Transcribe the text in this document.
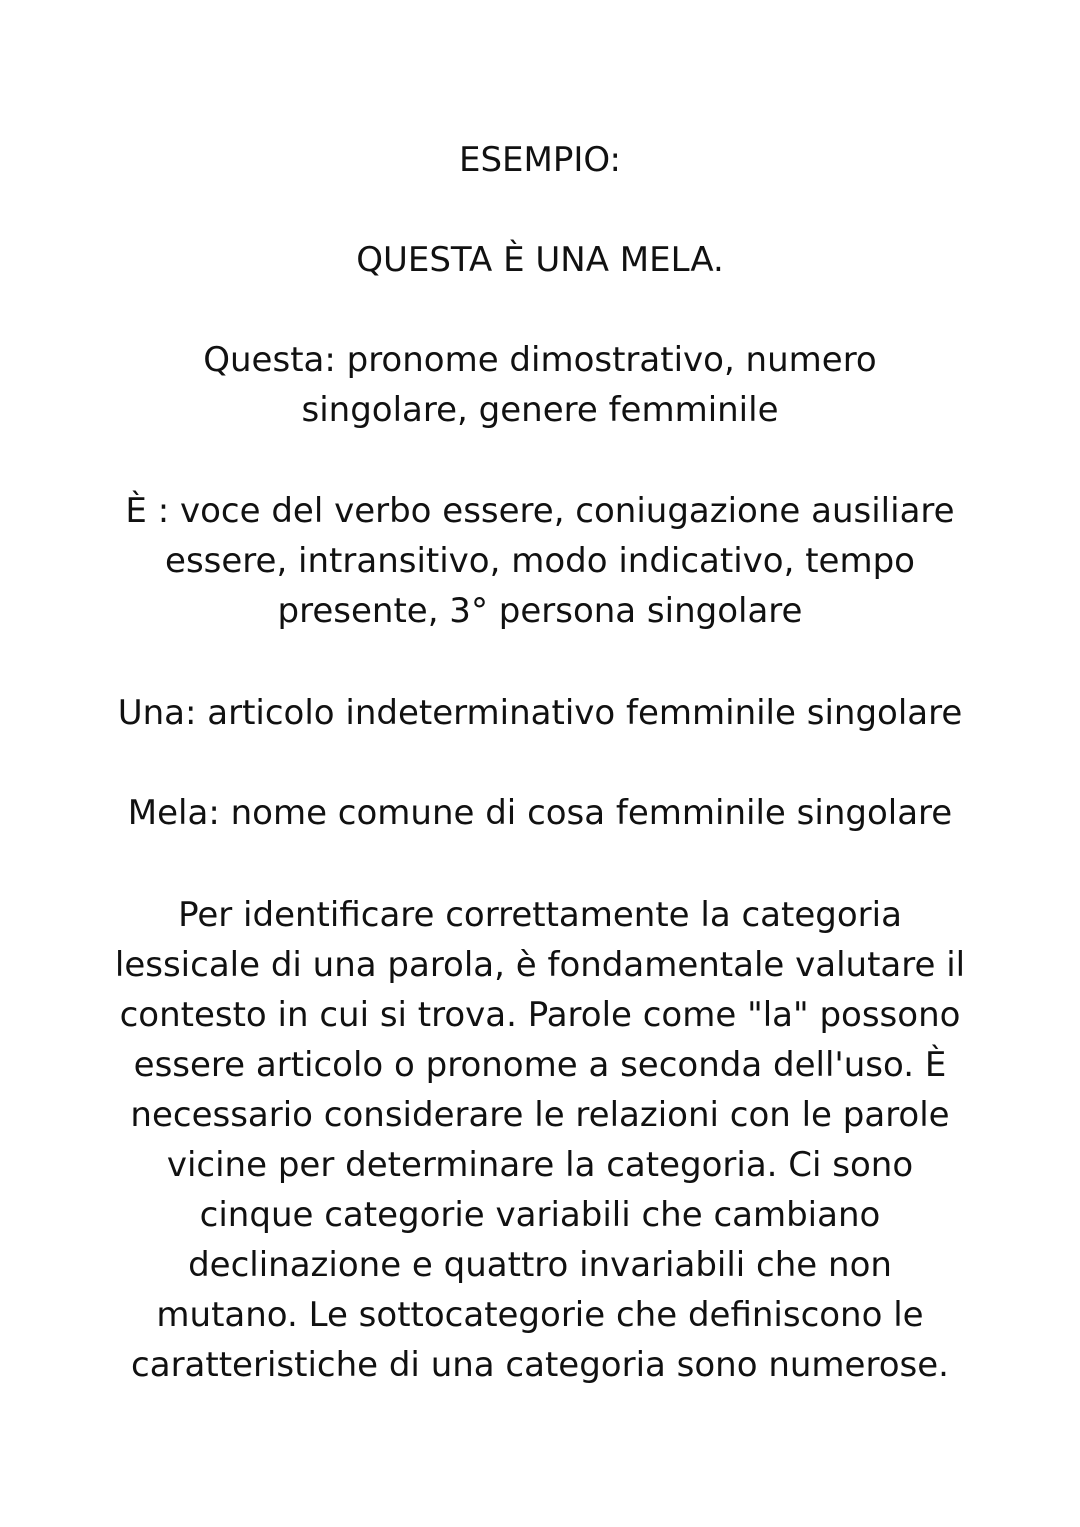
ESEMPIO:

QUESTA È UNA MELA.

Questa: pronome dimostrativo, numero

singolare, genere femminile

È : voce del verbo essere, coniugazione ausiliare

essere, intransitivo, modo indicativo, tempo

presente, 3° persona singolare

Una: articolo indeterminativo femminile singolare

Mela: nome comune di cosa femminile singolare

Per identificare correttamente la categoria

lessicale di una parola, è fondamentale valutare il

contesto in cui si trova. Parole come "la" possono

essere articolo o pronome a seconda dell'uso. È

necessario considerare le relazioni con le parole

vicine per determinare la categoria. Ci sono

cinque categorie variabili che cambiano

declinazione e quattro invariabili che non

mutano. Le sottocategorie che definiscono le

caratteristiche di una categoria sono numerose.
